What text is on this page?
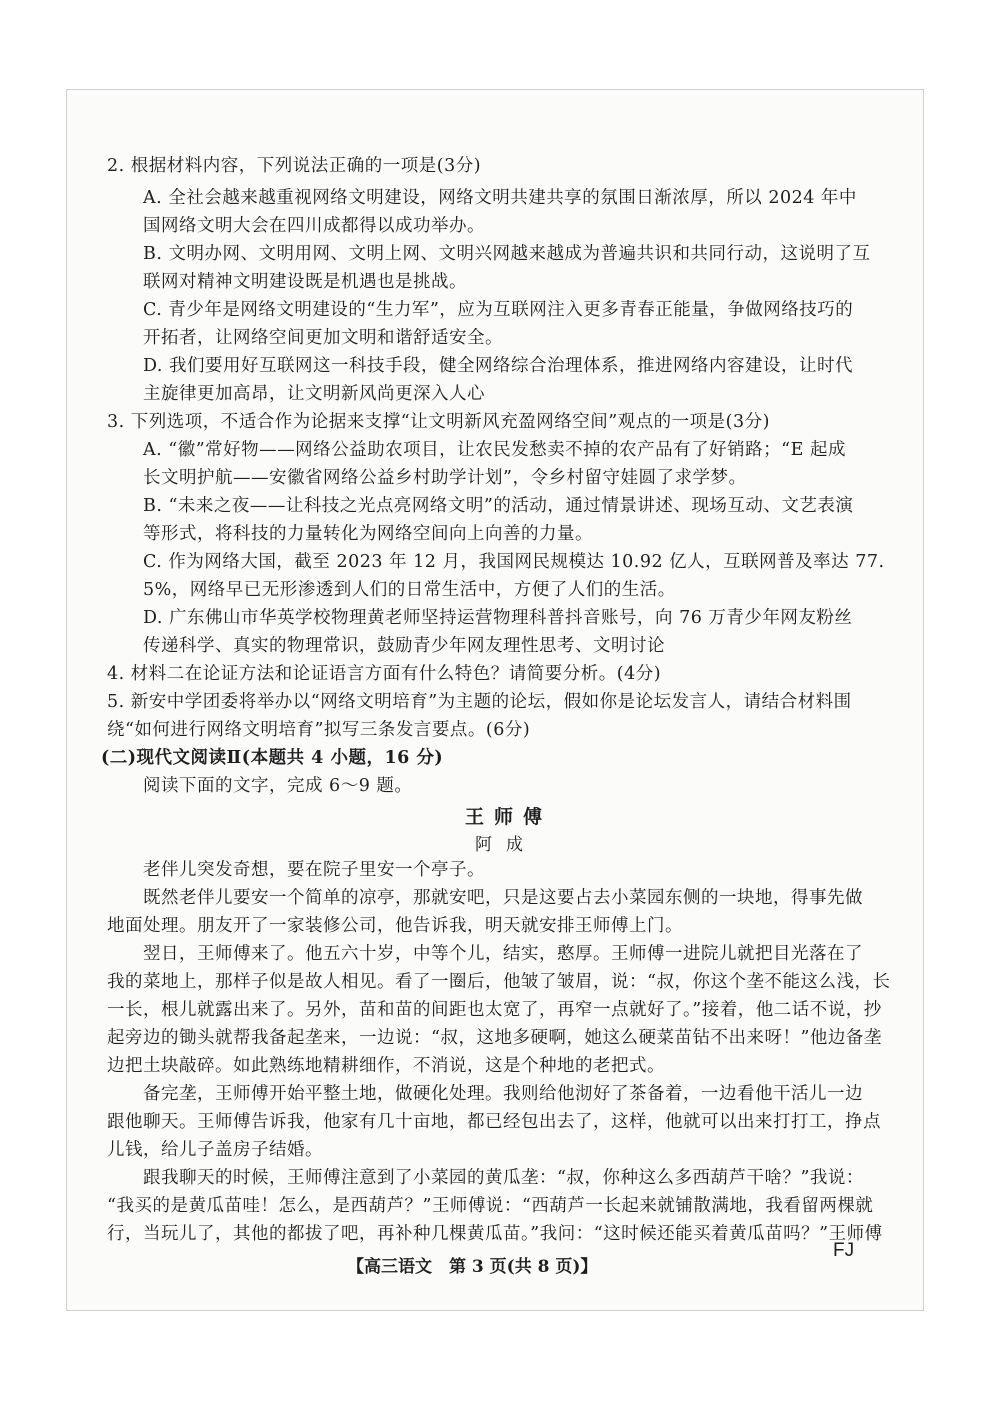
2. 根据材料内容，下列说法正确的一项是(3分)
A. 全社会越来越重视网络文明建设，网络文明共建共享的氛围日渐浓厚，所以 2024 年中
国网络文明大会在四川成都得以成功举办。
B. 文明办网、文明用网、文明上网、文明兴网越来越成为普遍共识和共同行动，这说明了互
联网对精神文明建设既是机遇也是挑战。
C. 青少年是网络文明建设的“生力军”，应为互联网注入更多青春正能量，争做网络技巧的
开拓者，让网络空间更加文明和谐舒适安全。
D. 我们要用好互联网这一科技手段，健全网络综合治理体系，推进网络内容建设，让时代
主旋律更加高昂，让文明新风尚更深入人心
3. 下列选项，不适合作为论据来支撑“让文明新风充盈网络空间”观点的一项是(3分)
A. “徽”常好物——网络公益助农项目，让农民发愁卖不掉的农产品有了好销路；“E 起成
长文明护航——安徽省网络公益乡村助学计划”，令乡村留守娃圆了求学梦。
B. “未来之夜——让科技之光点亮网络文明”的活动，通过情景讲述、现场互动、文艺表演
等形式，将科技的力量转化为网络空间向上向善的力量。
C. 作为网络大国，截至 2023 年 12 月，我国网民规模达 10.92 亿人，互联网普及率达 77.
5%，网络早已无形渗透到人们的日常生活中，方便了人们的生活。
D. 广东佛山市华英学校物理黄老师坚持运营物理科普抖音账号，向 76 万青少年网友粉丝
传递科学、真实的物理常识，鼓励青少年网友理性思考、文明讨论
4. 材料二在论证方法和论证语言方面有什么特色？请简要分析。(4分)
5. 新安中学团委将举办以“网络文明培育”为主题的论坛，假如你是论坛发言人，请结合材料围
绕“如何进行网络文明培育”拟写三条发言要点。(6分)
(二)现代文阅读Ⅱ(本题共 4 小题，16 分)
阅读下面的文字，完成 6～9 题。
王师傅
阿成
老伴儿突发奇想，要在院子里安一个亭子。
既然老伴儿要安一个简单的凉亭，那就安吧，只是这要占去小菜园东侧的一块地，得事先做
地面处理。朋友开了一家装修公司，他告诉我，明天就安排王师傅上门。
翌日，王师傅来了。他五六十岁，中等个儿，结实，憨厚。王师傅一进院儿就把目光落在了
我的菜地上，那样子似是故人相见。看了一圈后，他皱了皱眉，说：“叔，你这个垄不能这么浅，长
一长，根儿就露出来了。另外，苗和苗的间距也太宽了，再窄一点就好了。”接着，他二话不说，抄
起旁边的锄头就帮我备起垄来，一边说：“叔，这地多硬啊，她这么硬菜苗钻不出来呀！”他边备垄
边把土块敲碎。如此熟练地精耕细作，不消说，这是个种地的老把式。
备完垄，王师傅开始平整土地，做硬化处理。我则给他沏好了茶备着，一边看他干活儿一边
跟他聊天。王师傅告诉我，他家有几十亩地，都已经包出去了，这样，他就可以出来打打工，挣点
儿钱，给儿子盖房子结婚。
跟我聊天的时候，王师傅注意到了小菜园的黄瓜垄：“叔，你种这么多西葫芦干啥？”我说：
“我买的是黄瓜苗哇！怎么，是西葫芦？”王师傅说：“西葫芦一长起来就铺散满地，我看留两棵就
行，当玩儿了，其他的都拔了吧，再补种几棵黄瓜苗。”我问：“这时候还能买着黄瓜苗吗？”王师傅
【高三语文　第 3 页(共 8 页)】
FJ
